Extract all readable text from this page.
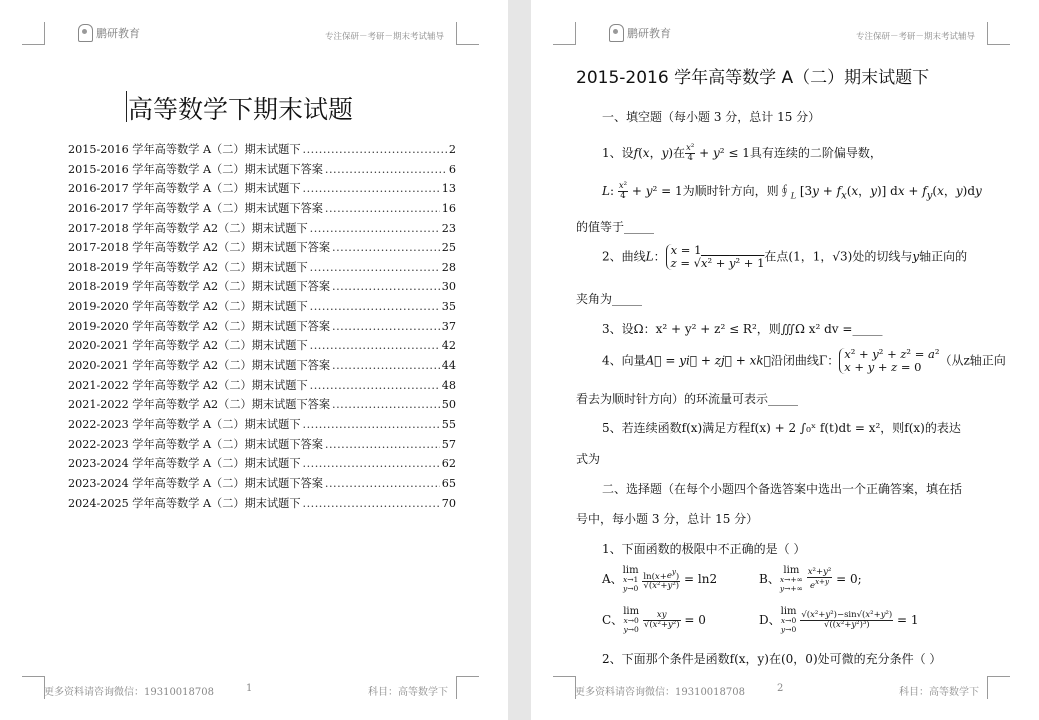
鹏研教育	专注保研－考研－期末考试辅导
高等数学下期末试题
2015-2016 学年高等数学 A（二）期末试题下 .....	2
2015-2016 学年高等数学 A（二）期末试题下答案 .....	6
2016-2017 学年高等数学 A（二）期末试题下 .....	13
2016-2017 学年高等数学 A（二）期末试题下答案 .....	16
2017-2018 学年高等数学 A2（二）期末试题下 .....	23
2017-2018 学年高等数学 A2（二）期末试题下答案 .....	25
2018-2019 学年高等数学 A2（二）期末试题下 .....	28
2018-2019 学年高等数学 A2（二）期末试题下答案 .....	30
2019-2020 学年高等数学 A2（二）期末试题下 .....	35
2019-2020 学年高等数学 A2（二）期末试题下答案 .....	37
2020-2021 学年高等数学 A2（二）期末试题下 .....	42
2020-2021 学年高等数学 A2（二）期末试题下答案 .....	44
2021-2022 学年高等数学 A2（二）期末试题下 .....	48
2021-2022 学年高等数学 A2（二）期末试题下答案 .....	50
2022-2023 学年高等数学 A（二）期末试题下 .....	55
2022-2023 学年高等数学 A（二）期末试题下答案 .....	57
2023-2024 学年高等数学 A（二）期末试题下 .....	62
2023-2024 学年高等数学 A（二）期末试题下答案 .....	65
2024-2025 学年高等数学 A（二）期末试题下 .....	70
更多资料请咨询微信：19310018708	1	科目：高等数学下
鹏研教育	专注保研－考研－期末考试辅导
2015-2016 学年高等数学 A（二）期末试题下
一、填空题（每小题 3 分，总计 15 分）
1、设f(x，y)在 $\frac{\text{x²}}{4} + y^2 \le 1$具有连续的二阶偏导数，
L: $\frac{\text{x²}}{4} + y^2 = 1$为顺时针方向，则$∮_L$ [$3y + f_x(x$，y)] dx + $f_y(x$，y)dy
的值等于_____
2、曲线L： x = 1
z = √x² + y² + 1在点(1，1，√3)处的切线与y轴正向的
夹角为_____
3、设Ω：x² + y² + z² ≤ R²，则∭Ω x² dv =_____
4、向量A⃗ = yi⃗ + zj⃗ + xk⃗沿闭曲线Γ： x² + y² + z² = a²
x + y + z = 0 （从z轴正向
看去为顺时针方向）的环流量可表示_____
5、若连续函数f(x)满足方程f(x) + 2 ∫₀ˣ f(t)dt = x²，则f(x)的表达
式为
二、选择题（在每个小题四个备选答案中选出一个正确答案，填在括
号中，每小题 3 分，总计 15 分）
1、下面函数的极限中不正确的是（ ）
A、lim
x→1
y→0
$\frac{\ln(x+e^y)}{\text{√(x²+y²)}} = \ln 2$	B、lim
x→+∞
y→+∞
$\frac{\text{x²+y²}}{e^{x+y}} = 0$;
C、lim
x→0
y→0
$\frac{xy}{\text{√(x²+y²)}} = 0$	D、lim
x→0
y→0
$\frac{\text{√(x²+y²)−sin√(x²+y²)}}{\text{√((x²+y²)³)}} = 1$
2、下面那个条件是函数f(x，y)在(0，0)处可微的充分条件（ ）
更多资料请咨询微信：19310018708	2	科目：高等数学下
